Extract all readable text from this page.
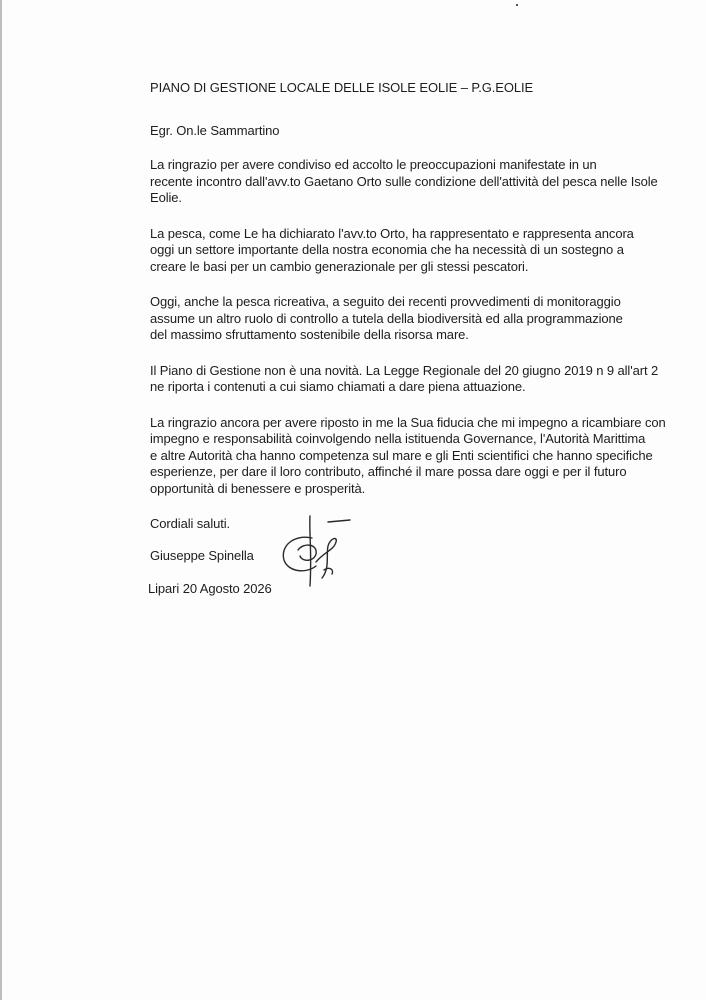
PIANO DI GESTIONE LOCALE DELLE ISOLE EOLIE – P.G.EOLIE

Egr. On.le Sammartino

La ringrazio per avere condiviso ed accolto le preoccupazioni manifestate in un
recente incontro dall'avv.to Gaetano Orto sulle condizione dell'attività del pesca nelle Isole
Eolie.
La pesca, come Le ha dichiarato l'avv.to Orto, ha rappresentato e rappresenta ancora
oggi un settore importante della nostra economia che ha necessità di un sostegno a
creare le basi per un cambio generazionale per gli stessi pescatori.
Oggi, anche la pesca ricreativa, a seguito dei recenti provvedimenti di monitoraggio
assume un altro ruolo di controllo a tutela della biodiversità ed alla programmazione
del massimo sfruttamento sostenibile della risorsa mare.
Il Piano di Gestione non è una novità. La Legge Regionale del 20 giugno 2019 n 9 all'art 2
ne riporta i contenuti a cui siamo chiamati a dare piena attuazione.
La ringrazio ancora per avere riposto in me la Sua fiducia che mi impegno a ricambiare con
impegno e responsabilità coinvolgendo nella istituenda Governance, l'Autorità Marittima
e altre Autorità cha hanno competenza sul mare e gli Enti scientifici che hanno specifiche
esperienze, per dare il loro contributo, affinché il mare possa dare oggi e per il futuro
opportunità di benessere e prosperità.

Cordiali saluti.

Giuseppe Spinella

Lipari 20 Agosto 2026
